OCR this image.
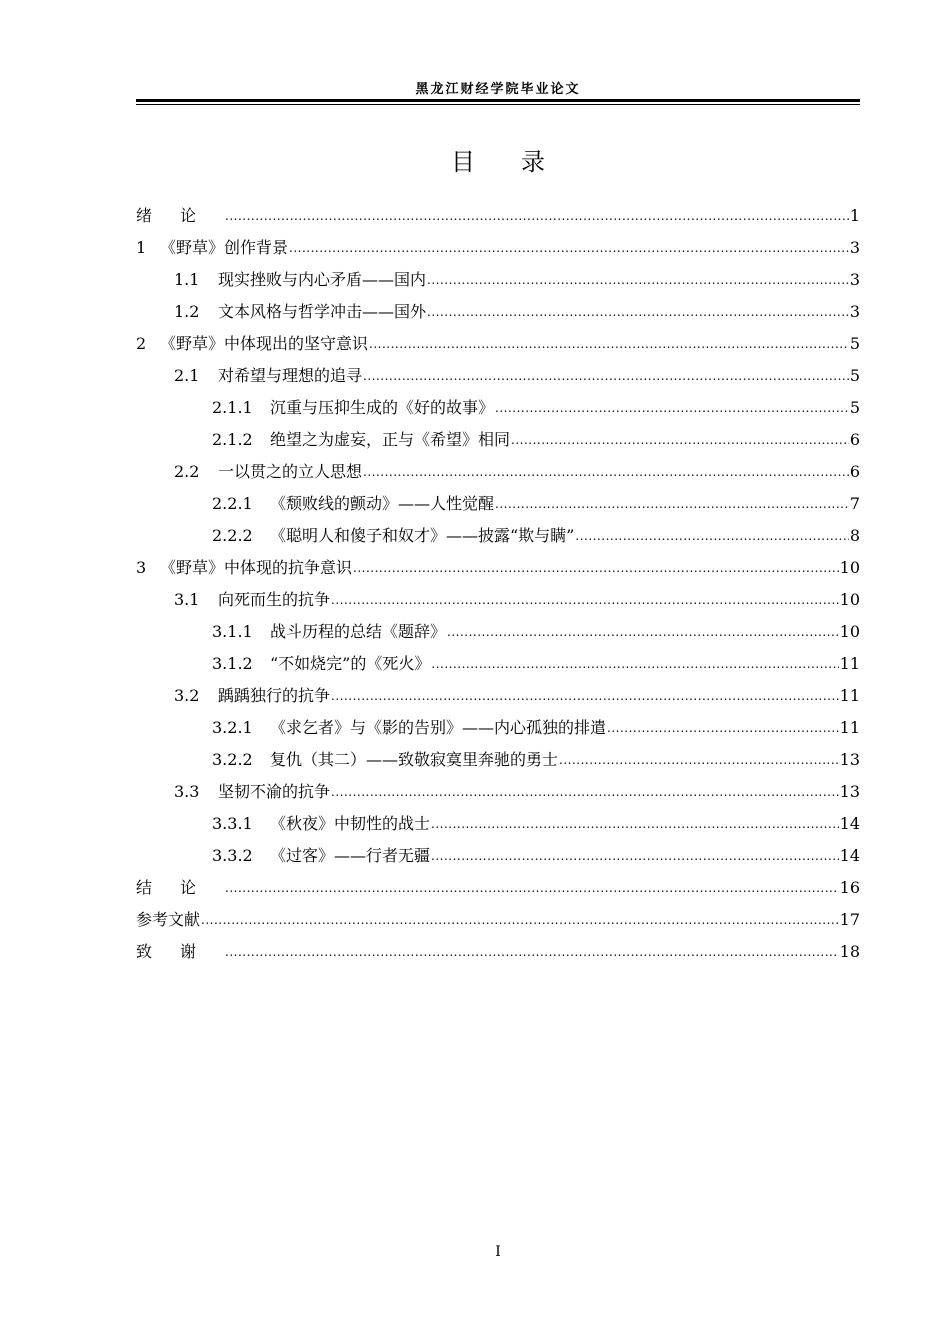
黑龙江财经学院毕业论文
目 录
绪论 .....	1
1 《野草》创作背景 .....	3
1.1	现实挫败与内心矛盾——国内 .....	3
1.2	文本风格与哲学冲击——国外 .....	3
2 《野草》中体现出的坚守意识 .....	5
2.1	对希望与理想的追寻 .....	5
2.1.1	沉重与压抑生成的《好的故事》 .....	5
2.1.2	绝望之为虚妄，正与《希望》相同 .....	6
2.2	一以贯之的立人思想 .....	6
2.2.1	《颓败线的颤动》——人性觉醒 .....	7
2.2.2	《聪明人和傻子和奴才》——披露“欺与瞒” .....	8
3 《野草》中体现的抗争意识 .....	10
3.1	向死而生的抗争 .....	10
3.1.1	战斗历程的总结《题辞》 .....	10
3.1.2	“不如烧完”的《死火》 .....	11
3.2	踽踽独行的抗争 .....	11
3.2.1	《求乞者》与《影的告别》——内心孤独的排遣 .....	11
3.2.2	复仇（其二）——致敬寂寞里奔驰的勇士 .....	13
3.3	坚韧不渝的抗争 .....	13
3.3.1	《秋夜》中韧性的战士 .....	14
3.3.2	《过客》——行者无疆 .....	14
结论 .....	16
参考文献 .....	17
致谢 .....	18
I
